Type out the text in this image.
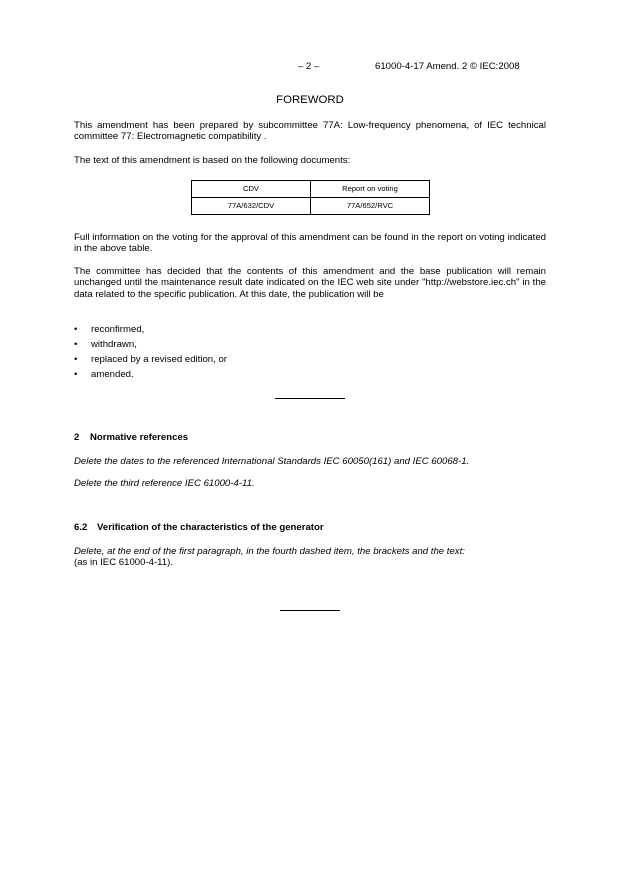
– 2 –	61000-4-17 Amend. 2 © IEC:2008
FOREWORD
This amendment has been prepared by subcommittee 77A: Low-frequency phenomena, of IEC technical committee 77: Electromagnetic compatibility .
The text of this amendment is based on the following documents:
CDV	Report on voting
77A/632/CDV	77A/652/RVC
Full information on the voting for the approval of this amendment can be found in the report on voting indicated in the above table.
The committee has decided that the contents of this amendment and the base publication will remain unchanged until the maintenance result date indicated on the IEC web site under "http://webstore.iec.ch" in the data related to the specific publication. At this date, the publication will be
• reconfirmed,
• withdrawn,
• replaced by a revised edition, or
• amended.
2 Normative references
Delete the dates to the referenced International Standards IEC 60050(161) and IEC 60068-1.
Delete the third reference IEC 61000-4-11.
6.2 Verification of the characteristics of the generator
Delete, at the end of the first paragraph, in the fourth dashed item, the brackets and the text:
(as in IEC 61000-4-11).
